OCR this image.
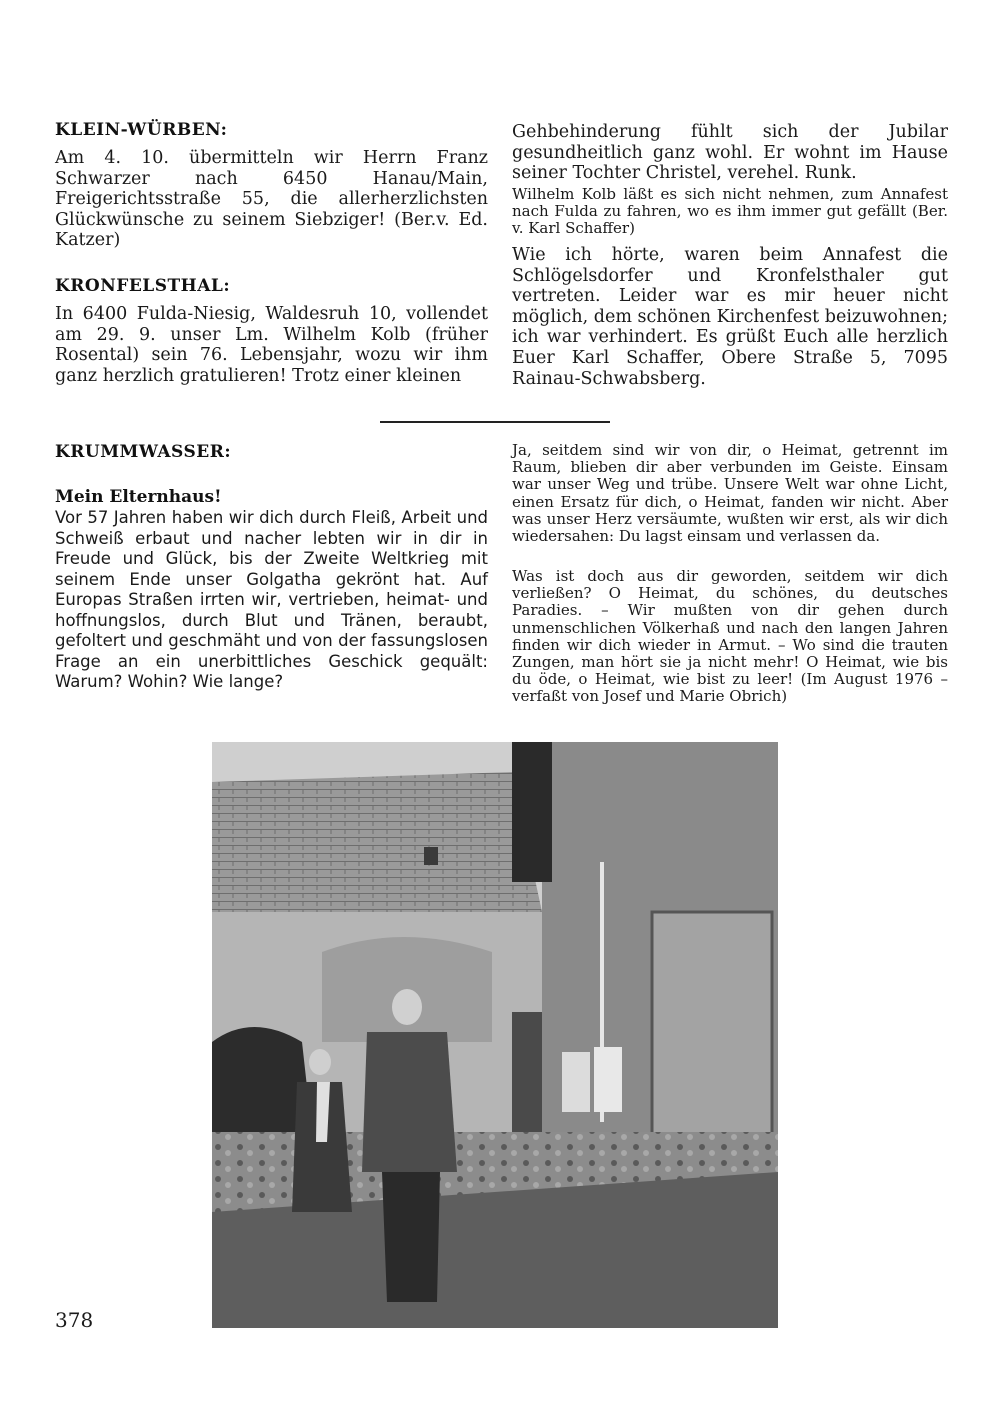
KLEIN-WÜRBEN:

Am 4. 10. übermitteln wir Herrn Franz Schwarzer nach 6450 Hanau/Main, Freigerichtsstraße 55, die allerherzlichsten Glückwünsche zu seinem Siebziger! (Ber.v. Ed. Katzer)

KRONFELSTHAL:

In 6400 Fulda-Niesig, Waldesruh 10, vollendet am 29. 9. unser Lm. Wilhelm Kolb (früher Rosental) sein 76. Lebensjahr, wozu wir ihm ganz herzlich gratulieren! Trotz einer kleinen

Gehbehinderung fühlt sich der Jubilar gesundheitlich ganz wohl. Er wohnt im Hause seiner Tochter Christel, verehel. Runk.

Wilhelm Kolb läßt es sich nicht nehmen, zum Annafest nach Fulda zu fahren, wo es ihm immer gut gefällt (Ber. v. Karl Schaffer)

Wie ich hörte, waren beim Annafest die Schlögelsdorfer und Kronfelsthaler gut vertreten. Leider war es mir heuer nicht möglich, dem schönen Kirchenfest beizuwohnen; ich war verhindert. Es grüßt Euch alle herzlich Euer Karl Schaffer, Obere Straße 5, 7095 Rainau-Schwabsberg.

KRUMMWASSER:
Mein Elternhaus!

Vor 57 Jahren haben wir dich durch Fleiß, Arbeit und Schweiß erbaut und nacher lebten wir in dir in Freude und Glück, bis der Zweite Weltkrieg mit seinem Ende unser Golgatha gekrönt hat. Auf Europas Straßen irrten wir, vertrieben, heimat- und hoffnungslos, durch Blut und Tränen, beraubt, gefoltert und geschmäht und von der fassungslosen Frage an ein unerbittliches Geschick gequält: Warum? Wohin? Wie lange?

Ja, seitdem sind wir von dir, o Heimat, getrennt im Raum, blieben dir aber verbunden im Geiste. Einsam war unser Weg und trübe. Unsere Welt war ohne Licht, einen Ersatz für dich, o Heimat, fanden wir nicht. Aber was unser Herz versäumte, wußten wir erst, als wir dich wiedersahen: Du lagst einsam und verlassen da.

Was ist doch aus dir geworden, seitdem wir dich verließen? O Heimat, du schönes, du deutsches Paradies. – Wir mußten von dir gehen durch unmenschlichen Völkerhaß und nach den langen Jahren finden wir dich wieder in Armut. – Wo sind die trauten Zungen, man hört sie ja nicht mehr! O Heimat, wie bis du öde, o Heimat, wie bist zu leer! (Im August 1976 – verfaßt von Josef und Marie Obrich)

378
